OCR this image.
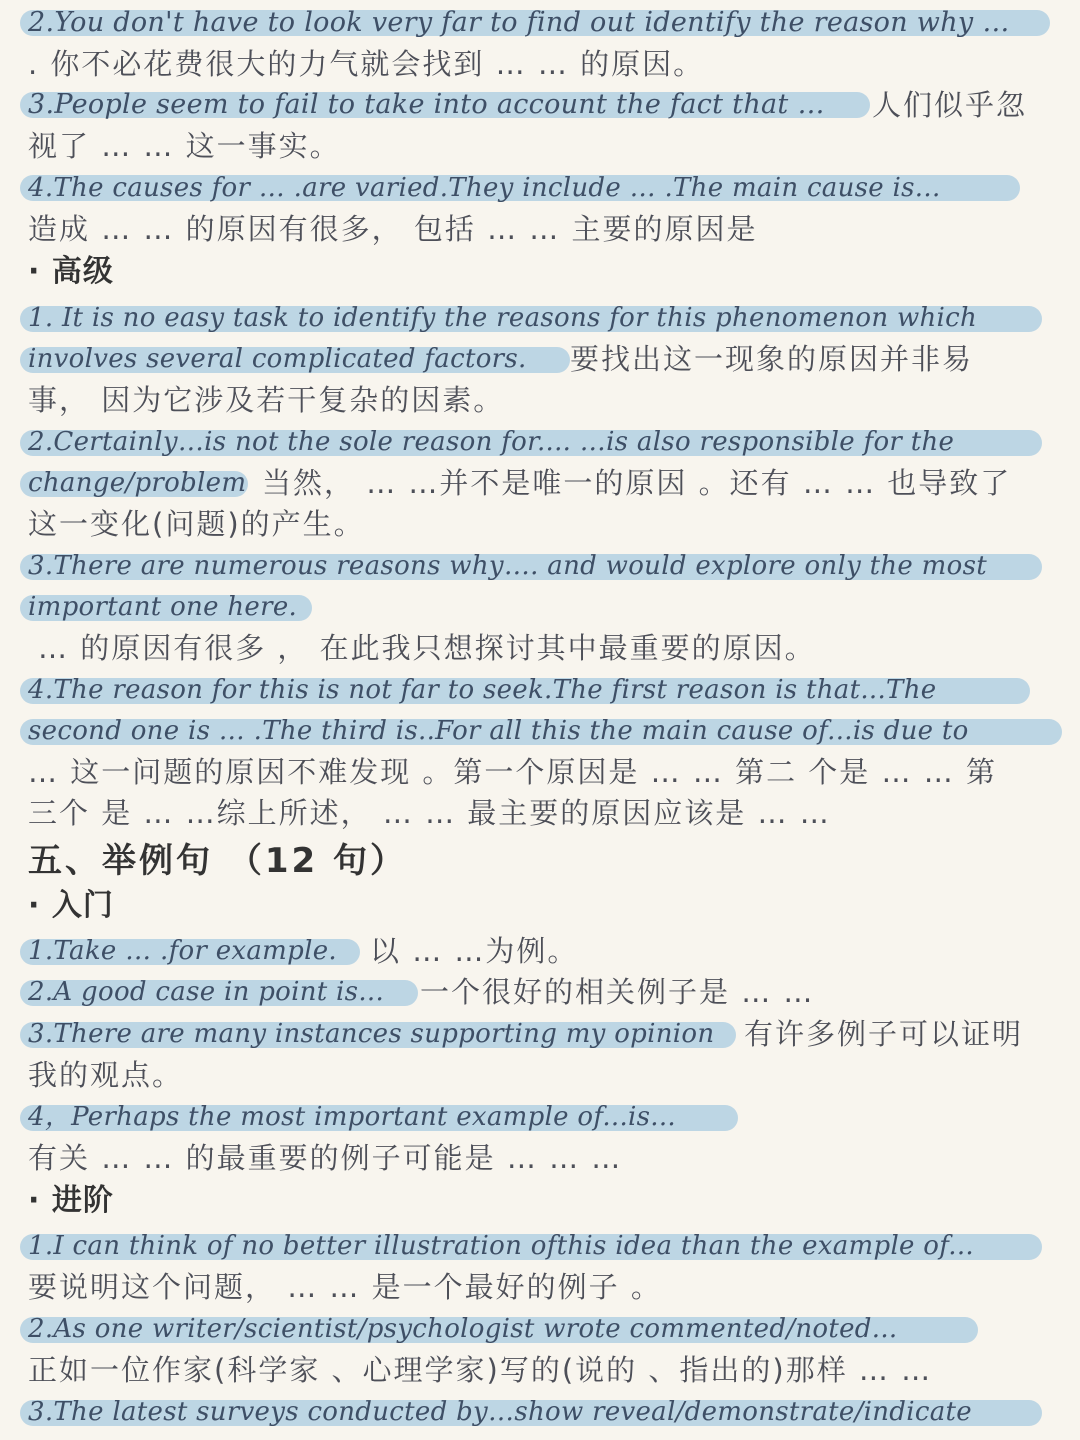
2.You don't have to look very far to find out identify the reason why …
. 你不必花费很大的力气就会找到 … … 的原因。
3.People seem to fail to take into account the fact that … 人们似乎忽
视了 … … 这一事实。
4.The causes for … .are varied.They include … .The main cause is...
造成 … … 的原因有很多， 包括 … … 主要的原因是
· 高级
1. It is no easy task to identify the reasons for this phenomenon which
involves several complicated factors. 要找出这一现象的原因并非易
事， 因为它涉及若干复杂的因素。
2.Certainly…is not the sole reason for.... …is also responsible for the
change/problem 当然， … …并不是唯一的原因 。还有 … … 也导致了
这一变化(问题)的产生。
3.There are numerous reasons why…. and would explore only the most
important one here.
… 的原因有很多 ， 在此我只想探讨其中最重要的原因。
4.The reason for this is not far to seek.The first reason is that...The
second one is … .The third is..For all this the main cause of...is due to
… 这一问题的原因不难发现 。第一个原因是 … … 第二 个是 … … 第
三个 是 … …综上所述， … … 最主要的原因应该是 … …
五、举例句 （12 句）
· 入门
1.Take … .for example. 以 … …为例。
2.A good case in point is... 一个很好的相关例子是 … …
3.There are many instances supporting my opinion 有许多例子可以证明
我的观点。
4，Perhaps the most important example of...is...
有关 … … 的最重要的例子可能是 … … …
· 进阶
1.I can think of no better illustration ofthis idea than the example of...
要说明这个问题， … … 是一个最好的例子 。
2.As one writer/scientist/psychologist wrote commented/noted...
正如一位作家(科学家 、心理学家)写的(说的 、指出的)那样 … …
3.The latest surveys conducted by…show reveal/demonstrate/indicate
